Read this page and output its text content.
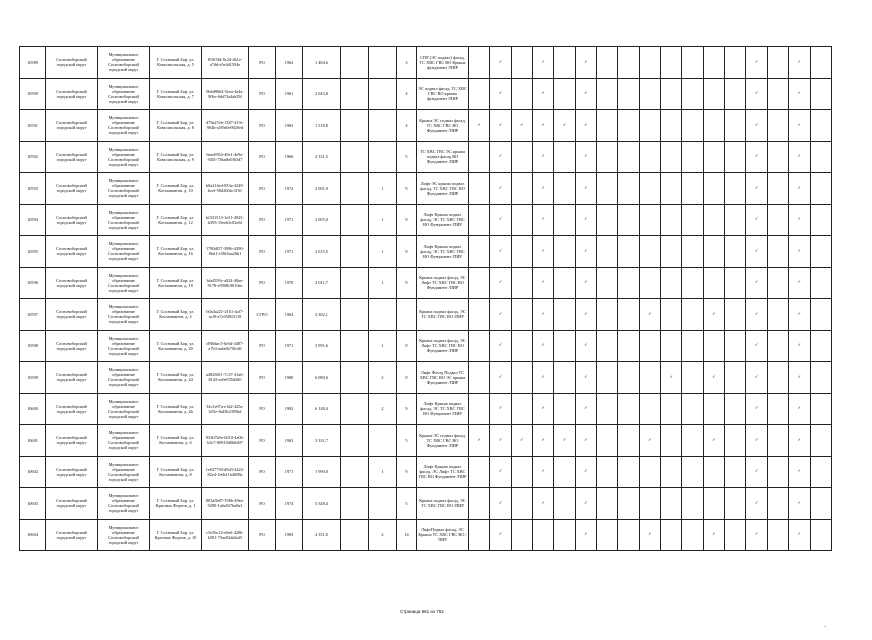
10589	Сосновоборский городской округ	Муниципальное образование Сосновоборский городской округ	Г. Сосновый Бор, ул. Комсомольская, д. 5	810f5fd-8c24-4b1e-a7dd-e5e4d1594e	РО	1962	1 484,6			3	СПР (ЭС подвал) фасад, ТС ХВС ГВС ВО Крыша фундамент /ПИР		✓		✓		✓								✓		✓	
10590	Сосновоборский городской округ	Муниципальное образование Сосновоборский городской округ	Г. Сосновый Бор, ул. Комсомольская, д. 7	9b6d9664-5eea-4a4a-90bc-6dd7fa4ab29f	РО	1961	2 043,8			4	ЭС подвал фасад, ТС ХВС ГВС ВО крыша фундамент /ПИР		✓		✓		✓								✓		✓	
10591	Сосновоборский городской округ	Муниципальное образование Сосновоборский городской округ	Г. Сосновый Бор, ул. Комсомольская, д. 8	d79a27eb-1387-419c-964b-a5f9a0e9020ed	РО	1963	1 518,8			4	Крыша ЭС подвал фасад, ТС ХВС ГВС ВО Фундамент /ПИР	✓	✓	✓	✓	✓	✓								✓		✓	
10592	Сосновоборский городской округ	Муниципальное образование Сосновоборский городской округ	Г. Сосновый Бор, ул. Комсомольская, д. 9	6eee0563-49e1-4e9e-945f-736adb6363d7	РО	1966	2 331,5			5	ТС ХВС ГВС ЭС крыша подвал фасад ВО Фундамент /ПИР		✓		✓		✓								✓		✓	
10593	Сосновоборский городской округ	Муниципальное образование Сосновоборский городской округ	Г. Сосновый Бор, ул. Космонавтов, д. 10	b8a214ed-933a-4249-bcef-58d260ac3161	РО	1972	2 001,9		1	9	Лифт ЭС крыша подвал фасад, ТС ХВС ГВС ВО Фундамент /ПИР		✓		✓		✓								✓		✓	
10594	Сосновоборский городской округ	Муниципальное образование Сосновоборский городской округ	Г. Сосновый Бор, ул. Космонавтов, д. 12	bf331513-1e51-4925-b395-15eeb3c82e6f	РО	1971	2 005,0		1	9	Лифт Крыша подвал фасад, ЭС ТС ХВС ГВС ВО Фундамент /ПИР		✓		✓		✓								✓		✓	
10595	Сосновоборский городской округ	Муниципальное образование Сосновоборский городской округ	Г. Сосновый Бор, ул. Космонавтов, д. 16	1780df57-399b-4390-8bd1-e58e5aa26b1	РО	1971	2 015,5		1	9	Лифт Крыша подвал фасад, ЭС ТС ХВС ГВС ВО Фундамент /ПИР		✓		✓		✓								✓		✓	
10596	Сосновоборский городской округ	Муниципальное образование Сосновоборский городской округ	Г. Сосновый Бор, ул. Космонавтов, д. 18	bfa4559c-a024-40ae-9178-e5908c9810ee	РО	1970	2 011,7		1	9	Крыша подвал фасад, ЭС Лифт ТС ХВС ГВС ВО Фундамент /ПИР		✓		✓		✓								✓		✓	
10597	Сосновоборский городской округ	Муниципальное образование Сосновоборский городской округ	Г. Сосновый Бор, ул. Космонавтов, д. 2	b0a4a221-2161-4af7-acf9-a7e35f8f3118	СГРО	1964	3 302,1				Крыша подвал фасад, ЭС ТС ХВС ГВС ВО /ПИР		✓		✓		✓			✓			✓		✓		✓	
10598	Сосновоборский городской округ	Муниципальное образование Сосновоборский городской округ	Г. Сосновый Бор, ул. Космонавтов, д. 20	d9f0dac5-6e5d-4487-a7b3-aafa6b70fcd6	РО	1971	3 991,6		1	9	Крыша подвал фасад, ЭС Лифт ТС ХВС ГВС ВО Фундамент /ПИР		✓		✓		✓								✓		✓	
10599	Сосновоборский городской округ	Муниципальное образование Сосновоборский городской округ	Г. Сосновый Бор, ул. Космонавтов, д. 24	a4826011-7c37-41a6-81d3-ea9e935d260	РО	1980	6 080,6		2	9	Лифт Фасад Подвал ТС ХВС ГВС ВО ЭС крыша Фундамент /ПИР		✓		✓		✓				✓		✓		✓		✓	
10600	Сосновоборский городской округ	Муниципальное образование Сосновоборский городской округ	Г. Сосновый Бор, ул. Космонавтов, д. 26	34c1e07a-e1d2-425a-b55e-fbd3b2395bd	РО	1982	6 148,4		2	9	Лифт Крыша подвал фасад, ЭС ТС ХВС ГВС ВО Фундамент /ПИР		✓		✓		✓								✓		✓	
10601	Сосновоборский городской округ	Муниципальное образование Сосновоборский городской округ	Г. Сосновый Бор, ул. Космонавтов, д. 6	933b7b5e-0d10-4a0b-b3c7-80910d0b6d07	РО	1963	3 331,7			5	Крыша ЭС подвал фасад, ТС ХВС ГВС ВО Фундамент /ПИР	✓	✓	✓	✓	✓	✓			✓			✓		✓		✓	
10602	Сосновоборский городской округ	Муниципальное образование Сосновоборский городской округ	Г. Сосновый Бор, ул. Космонавтов, д. 8	1e027730-d9d3-4422-82e4-1e6b11b4008a	РО	1971	1 990,0		1	9	Лифт Крыша подвал фасад, ЭС Лифт ТС ХВС ГВС ВО Фундамент /ПИР		✓		✓		✓								✓		✓	
10603	Сосновоборский городской округ	Муниципальное образование Сосновоборский городской округ	Г. Сосновый Бор, ул. Красных Фортов, д. 1	883a5b87-196b-49ea-9290-1a6a927ba8a3	РО	1974	5 348,4			5	Крыша подвал фасад, ЭС ТС ХВС ГВС ВО /ПИР		✓		✓		✓								✓		✓	
10604	Сосновоборский городской округ	Муниципальное образование Сосновоборский городской округ	Г. Сосновый Бор, ул. Красных Фортов, д. 10	c5e56c12-e0e6-420b-b581-73ae82dd4af5	РО	1983	4 351,0		2	14	ЛифтПодвал фасад, ЭС Крыша ТС ХВС ГВС ВО /ПИР		✓				✓			✓			✓		✓		✓	
Страница 961 из 752
–
